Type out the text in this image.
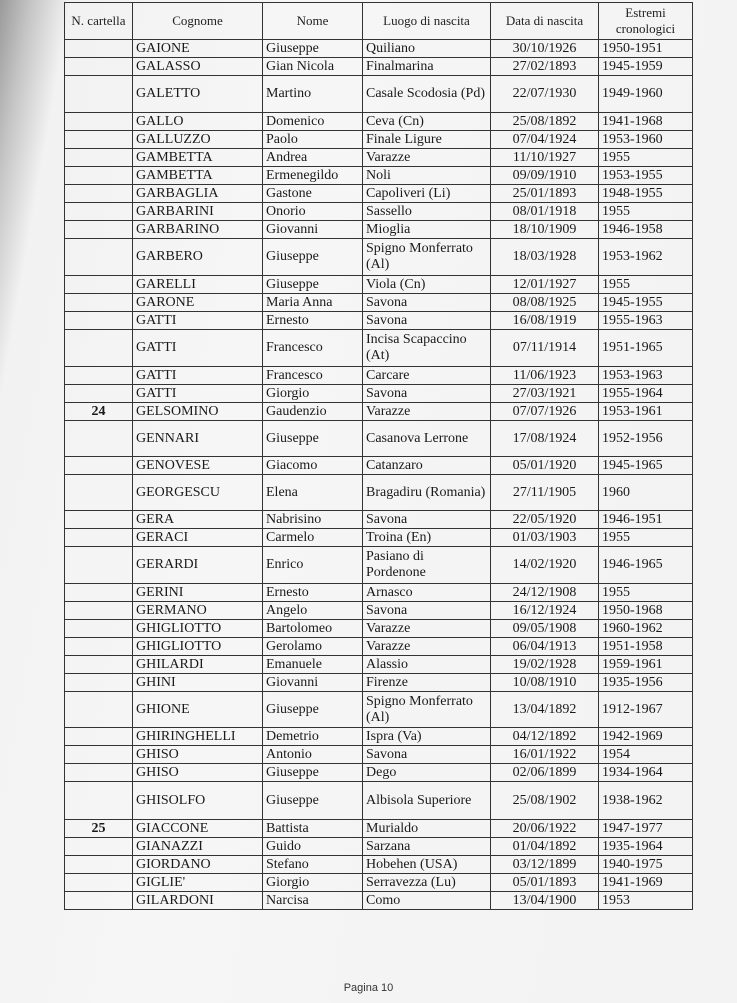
N. cartella	Cognome	Nome	Luogo di nascita	Data di nascita	Estremi cronologici
	GAIONE	Giuseppe	Quiliano	30/10/1926	1950-1951
	GALASSO	Gian Nicola	Finalmarina	27/02/1893	1945-1959
	GALETTO	Martino	Casale Scodosia (Pd)	22/07/1930	1949-1960
	GALLO	Domenico	Ceva (Cn)	25/08/1892	1941-1968
	GALLUZZO	Paolo	Finale Ligure	07/04/1924	1953-1960
	GAMBETTA	Andrea	Varazze	11/10/1927	1955
	GAMBETTA	Ermenegildo	Noli	09/09/1910	1953-1955
	GARBAGLIA	Gastone	Capoliveri (Li)	25/01/1893	1948-1955
	GARBARINI	Onorio	Sassello	08/01/1918	1955
	GARBARINO	Giovanni	Mioglia	18/10/1909	1946-1958
	GARBERO	Giuseppe	Spigno Monferrato (Al)	18/03/1928	1953-1962
	GARELLI	Giuseppe	Viola (Cn)	12/01/1927	1955
	GARONE	Maria Anna	Savona	08/08/1925	1945-1955
	GATTI	Ernesto	Savona	16/08/1919	1955-1963
	GATTI	Francesco	Incisa Scapaccino (At)	07/11/1914	1951-1965
	GATTI	Francesco	Carcare	11/06/1923	1953-1963
	GATTI	Giorgio	Savona	27/03/1921	1955-1964
24	GELSOMINO	Gaudenzio	Varazze	07/07/1926	1953-1961
	GENNARI	Giuseppe	Casanova Lerrone	17/08/1924	1952-1956
	GENOVESE	Giacomo	Catanzaro	05/01/1920	1945-1965
	GEORGESCU	Elena	Bragadiru (Romania)	27/11/1905	1960
	GERA	Nabrisino	Savona	22/05/1920	1946-1951
	GERACI	Carmelo	Troina (En)	01/03/1903	1955
	GERARDI	Enrico	Pasiano di Pordenone	14/02/1920	1946-1965
	GERINI	Ernesto	Arnasco	24/12/1908	1955
	GERMANO	Angelo	Savona	16/12/1924	1950-1968
	GHIGLIOTTO	Bartolomeo	Varazze	09/05/1908	1960-1962
	GHIGLIOTTO	Gerolamo	Varazze	06/04/1913	1951-1958
	GHILARDI	Emanuele	Alassio	19/02/1928	1959-1961
	GHINI	Giovanni	Firenze	10/08/1910	1935-1956
	GHIONE	Giuseppe	Spigno Monferrato (Al)	13/04/1892	1912-1967
	GHIRINGHELLI	Demetrio	Ispra (Va)	04/12/1892	1942-1969
	GHISO	Antonio	Savona	16/01/1922	1954
	GHISO	Giuseppe	Dego	02/06/1899	1934-1964
	GHISOLFO	Giuseppe	Albisola Superiore	25/08/1902	1938-1962
25	GIACCONE	Battista	Murialdo	20/06/1922	1947-1977
	GIANAZZI	Guido	Sarzana	01/04/1892	1935-1964
	GIORDANO	Stefano	Hobehen (USA)	03/12/1899	1940-1975
	GIGLIE'	Giorgio	Serravezza (Lu)	05/01/1893	1941-1969
	GILARDONI	Narcisa	Como	13/04/1900	1953
Pagina 10
